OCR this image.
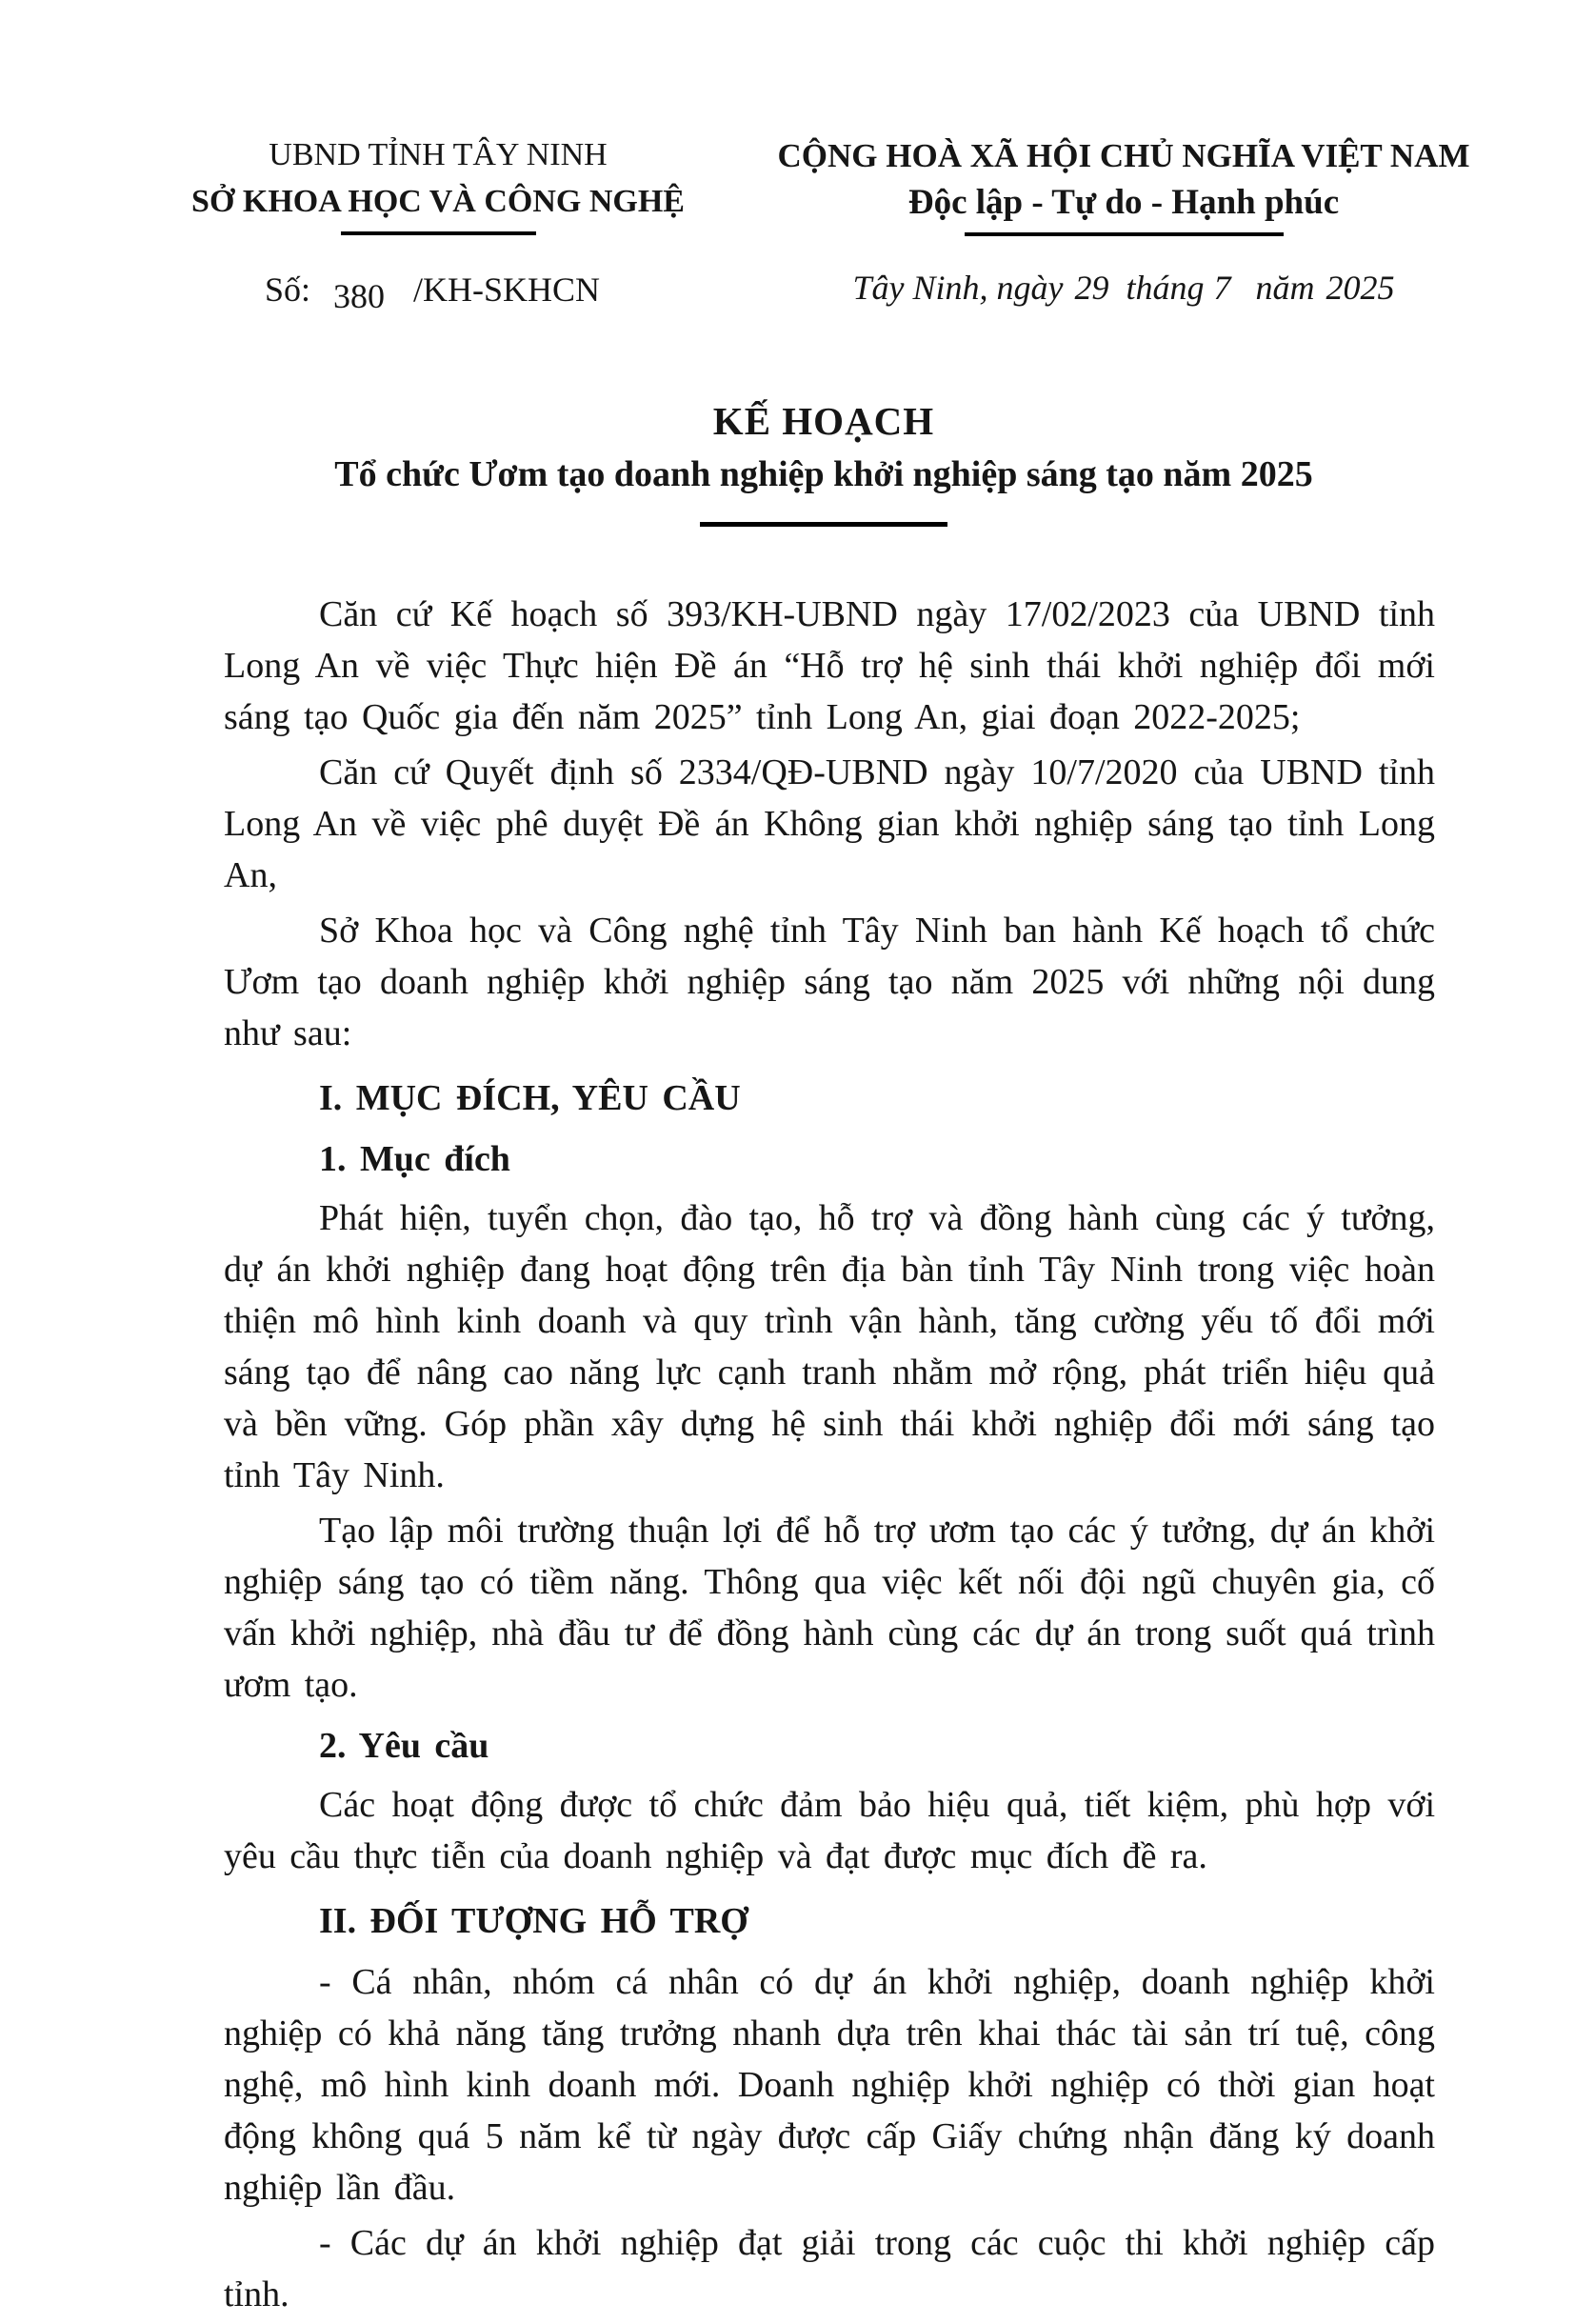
UBND TỈNH TÂY NINH
SỞ KHOA HỌC VÀ CÔNG NGHỆ
Số: 380 /KH-SKHCN
CỘNG HOÀ XÃ HỘI CHỦ NGHĨA VIỆT NAM
Độc lập - Tự do - Hạnh phúc
Tây Ninh, ngày 29 tháng 7 năm 2025
KẾ HOẠCH
Tổ chức Ươm tạo doanh nghiệp khởi nghiệp sáng tạo năm 2025

Căn cứ Kế hoạch số 393/KH-UBND ngày 17/02/2023 của UBND tỉnh Long An về việc Thực hiện Đề án “Hỗ trợ hệ sinh thái khởi nghiệp đổi mới sáng tạo Quốc gia đến năm 2025” tỉnh Long An, giai đoạn 2022-2025;

Căn cứ Quyết định số 2334/QĐ-UBND ngày 10/7/2020 của UBND tỉnh Long An về việc phê duyệt Đề án Không gian khởi nghiệp sáng tạo tỉnh Long An,

Sở Khoa học và Công nghệ tỉnh Tây Ninh ban hành Kế hoạch tổ chức Ươm tạo doanh nghiệp khởi nghiệp sáng tạo năm 2025 với những nội dung như sau:

I. MỤC ĐÍCH, YÊU CẦU
1. Mục đích

Phát hiện, tuyển chọn, đào tạo, hỗ trợ và đồng hành cùng các ý tưởng, dự án khởi nghiệp đang hoạt động trên địa bàn tỉnh Tây Ninh trong việc hoàn thiện mô hình kinh doanh và quy trình vận hành, tăng cường yếu tố đổi mới sáng tạo để nâng cao năng lực cạnh tranh nhằm mở rộng, phát triển hiệu quả và bền vững. Góp phần xây dựng hệ sinh thái khởi nghiệp đổi mới sáng tạo tỉnh Tây Ninh.

Tạo lập môi trường thuận lợi để hỗ trợ ươm tạo các ý tưởng, dự án khởi nghiệp sáng tạo có tiềm năng. Thông qua việc kết nối đội ngũ chuyên gia, cố vấn khởi nghiệp, nhà đầu tư để đồng hành cùng các dự án trong suốt quá trình ươm tạo.

2. Yêu cầu

Các hoạt động được tổ chức đảm bảo hiệu quả, tiết kiệm, phù hợp với yêu cầu thực tiễn của doanh nghiệp và đạt được mục đích đề ra.

II. ĐỐI TƯỢNG HỖ TRỢ

- Cá nhân, nhóm cá nhân có dự án khởi nghiệp, doanh nghiệp khởi nghiệp có khả năng tăng trưởng nhanh dựa trên khai thác tài sản trí tuệ, công nghệ, mô hình kinh doanh mới. Doanh nghiệp khởi nghiệp có thời gian hoạt động không quá 5 năm kể từ ngày được cấp Giấy chứng nhận đăng ký doanh nghiệp lần đầu.

- Các dự án khởi nghiệp đạt giải trong các cuộc thi khởi nghiệp cấp tỉnh.
